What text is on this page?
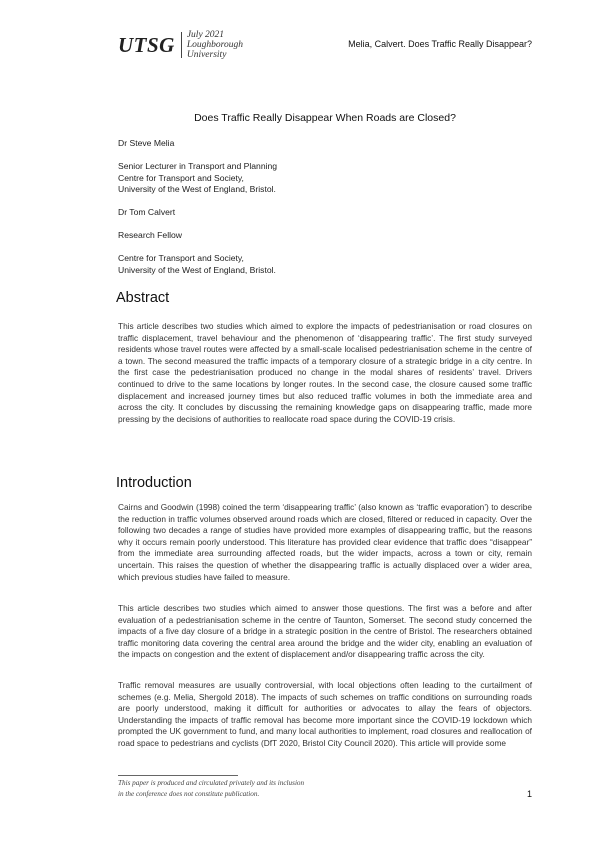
UTSG	July 2021
Loughborough
University
Melia, Calvert. Does Traffic Really Disappear?
Does Traffic Really Disappear When Roads are Closed?
Dr Steve Melia
Senior Lecturer in Transport and Planning
Centre for Transport and Society,
University of the West of England, Bristol.
Dr Tom Calvert
Research Fellow
Centre for Transport and Society,
University of the West of England, Bristol.
Abstract

This article describes two studies which aimed to explore the impacts of pedestrianisation or road closures on traffic displacement, travel behaviour and the phenomenon of ‘disappearing traffic’. The first study surveyed residents whose travel routes were affected by a small-scale localised pedestrianisation scheme in the centre of a town. The second measured the traffic impacts of a temporary closure of a strategic bridge in a city centre. In the first case the pedestrianisation produced no change in the modal shares of residents’ travel. Drivers continued to drive to the same locations by longer routes. In the second case, the closure caused some traffic displacement and increased journey times but also reduced traffic volumes in both the immediate area and across the city. It concludes by discussing the remaining knowledge gaps on disappearing traffic, made more pressing by the decisions of authorities to reallocate road space during the COVID-19 crisis.

Introduction

Cairns and Goodwin (1998) coined the term ‘disappearing traffic’ (also known as ‘traffic evaporation’) to describe the reduction in traffic volumes observed around roads which are closed, filtered or reduced in capacity. Over the following two decades a range of studies have provided more examples of disappearing traffic, but the reasons why it occurs remain poorly understood. This literature has provided clear evidence that traffic does “disappear” from the immediate area surrounding affected roads, but the wider impacts, across a town or city, remain uncertain. This raises the question of whether the disappearing traffic is actually displaced over a wider area, which previous studies have failed to measure.

This article describes two studies which aimed to answer those questions. The first was a before and after evaluation of a pedestrianisation scheme in the centre of Taunton, Somerset. The second study concerned the impacts of a five day closure of a bridge in a strategic position in the centre of Bristol. The researchers obtained traffic monitoring data covering the central area around the bridge and the wider city, enabling an evaluation of the impacts on congestion and the extent of displacement and/or disappearing traffic across the city.

Traffic removal measures are usually controversial, with local objections often leading to the curtailment of schemes (e.g. Melia, Shergold 2018). The impacts of such schemes on traffic conditions on surrounding roads are poorly understood, making it difficult for authorities or advocates to allay the fears of objectors. Understanding the impacts of traffic removal has become more important since the COVID-19 lockdown which prompted the UK government to fund, and many local authorities to implement, road closures and reallocation of road space to pedestrians and cyclists (DfT 2020, Bristol City Council 2020). This article will provide some

This paper is produced and circulated privately and its inclusion
in the conference does not constitute publication.	1
